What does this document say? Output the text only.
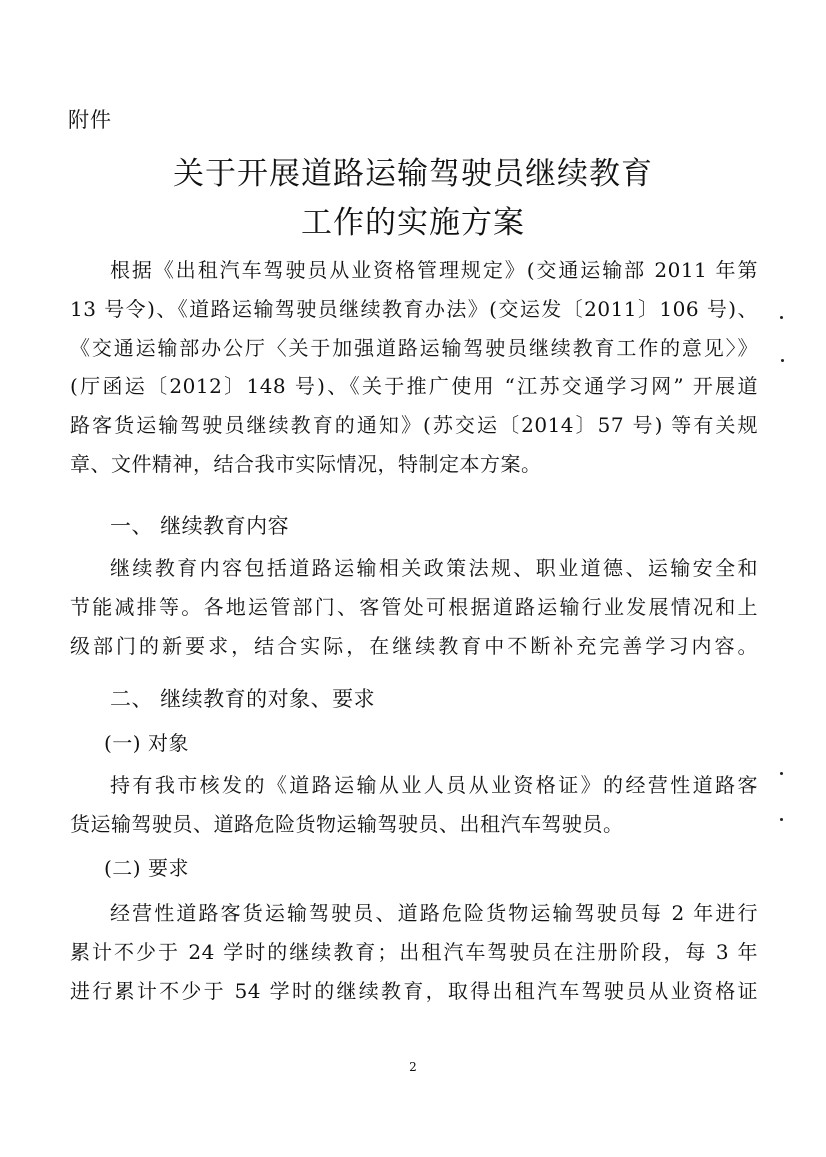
附件
关于开展道路运输驾驶员继续教育
工作的实施方案
根据《出租汽车驾驶员从业资格管理规定》(交通运输部 2011 年第
13 号令)、《道路运输驾驶员继续教育办法》(交运发〔2011〕106 号)、
《交通运输部办公厅〈关于加强道路运输驾驶员继续教育工作的意见〉》
(厅函运〔2012〕148 号)、《关于推广使用 “江苏交通学习网” 开展道
路客货运输驾驶员继续教育的通知》(苏交运〔2014〕57 号) 等有关规
章、文件精神，结合我市实际情况，特制定本方案。
一、 继续教育内容
继续教育内容包括道路运输相关政策法规、职业道德、运输安全和
节能减排等。各地运管部门、客管处可根据道路运输行业发展情况和上
级部门的新要求，结合实际，在继续教育中不断补充完善学习内容。
二、 继续教育的对象、要求
(一) 对象
持有我市核发的《道路运输从业人员从业资格证》的经营性道路客
货运输驾驶员、道路危险货物运输驾驶员、出租汽车驾驶员。
(二) 要求
经营性道路客货运输驾驶员、道路危险货物运输驾驶员每 2 年进行
累计不少于 24 学时的继续教育；出租汽车驾驶员在注册阶段，每 3 年
进行累计不少于 54 学时的继续教育，取得出租汽车驾驶员从业资格证
2
